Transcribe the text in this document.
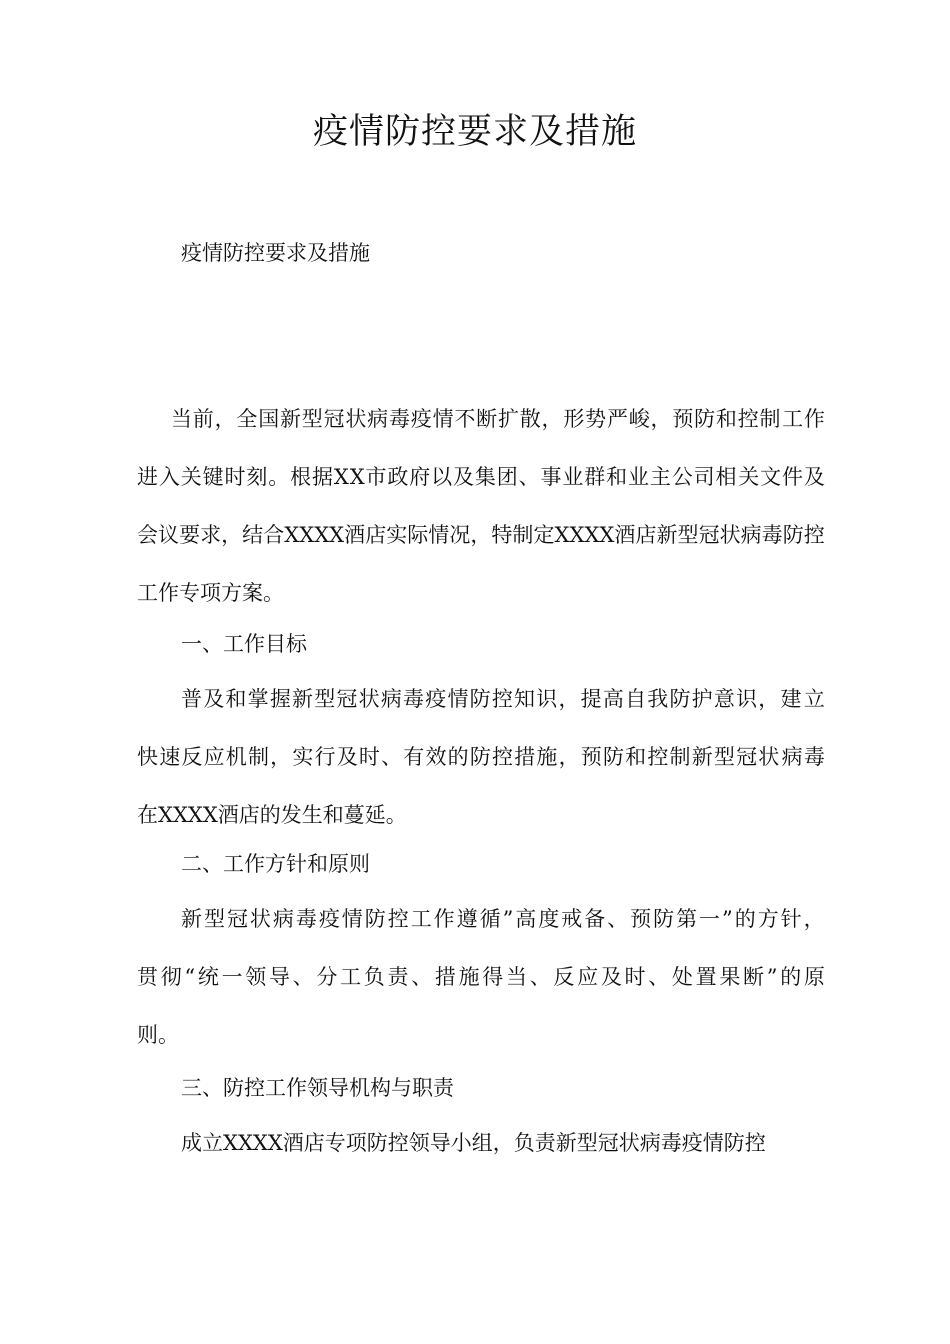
疫情防控要求及措施

疫情防控要求及措施

当 前 ， 全 国 新 型 冠 状 病 毒 疫 情 不 断 扩 散 ， 形 势 严 峻 ， 预 防 和 控 制 工 作
进 入 关 键 时 刻 。 根 据 X X 市 政 府 以 及 集 团 、 事 业 群 和 业 主 公 司 相 关 文 件 及
会 议 要 求 ， 结 合 X X X X 酒 店 实 际 情 况 ， 特 制 定 X X X X 酒 店 新 型 冠 状 病 毒 防 控
工作专项方案。

一、工作目标

普 及 和 掌 握 新 型 冠 状 病 毒 疫 情 防 控 知 识 ， 提 高 自 我 防 护 意 识 ， 建 立
快 速 反 应 机 制 ， 实 行 及 时 、 有 效 的 防 控 措 施 ， 预 防 和 控 制 新 型 冠 状 病 毒
在XXXX酒店的发生和蔓延。

二、工作方针和原则

新 型 冠 状 病 毒 疫 情 防 控 工 作 遵 循 ” 高 度 戒 备 、 预 防 第 一 ” 的 方 针 ，
贯 彻 “ 统 一 领 导 、 分 工 负 责 、 措 施 得 当 、 反 应 及 时 、 处 置 果 断 ” 的 原
则。

三、防控工作领导机构与职责

成立XXXX酒店专项防控领导小组，负责新型冠状病毒疫情防控
